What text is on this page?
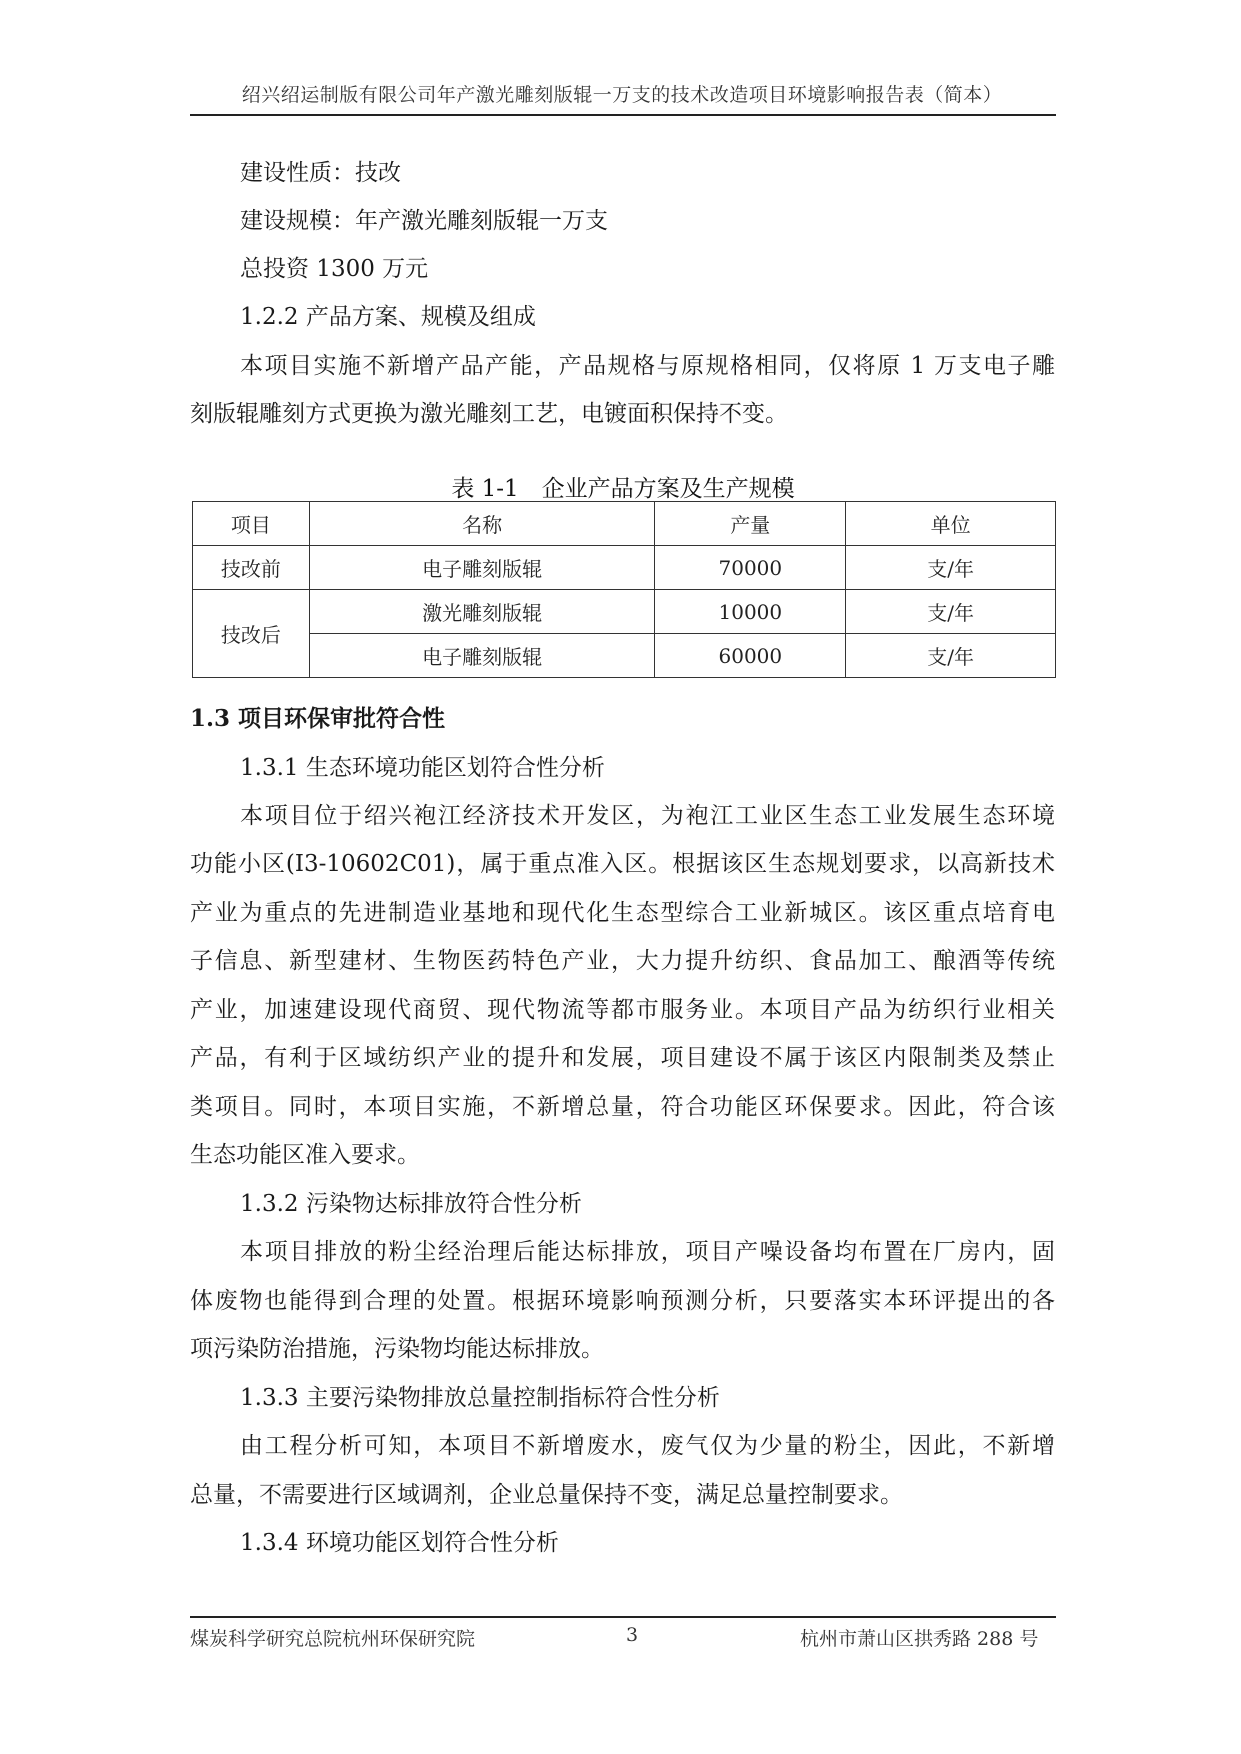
绍兴绍运制版有限公司年产激光雕刻版辊一万支的技术改造项目环境影响报告表（简本）
建设性质：技改
建设规模：年产激光雕刻版辊一万支
总投资 1300 万元
1.2.2 产品方案、规模及组成
本项目实施不新增产品产能，产品规格与原规格相同，仅将原 1 万支电子雕
刻版辊雕刻方式更换为激光雕刻工艺，电镀面积保持不变。
表 1-1　企业产品方案及生产规模
项目	名称	产量	单位
技改前	电子雕刻版辊	70000	支/年
技改后	激光雕刻版辊	10000	支/年
	电子雕刻版辊	60000	支/年
1.3 项目环保审批符合性
1.3.1 生态环境功能区划符合性分析
本项目位于绍兴袍江经济技术开发区，为袍江工业区生态工业发展生态环境
功能小区(I3-10602C01)，属于重点准入区。根据该区生态规划要求，以高新技术
产业为重点的先进制造业基地和现代化生态型综合工业新城区。该区重点培育电
子信息、新型建材、生物医药特色产业，大力提升纺织、食品加工、酿酒等传统
产业，加速建设现代商贸、现代物流等都市服务业。本项目产品为纺织行业相关
产品，有利于区域纺织产业的提升和发展，项目建设不属于该区内限制类及禁止
类项目。同时，本项目实施，不新增总量，符合功能区环保要求。因此，符合该
生态功能区准入要求。
1.3.2 污染物达标排放符合性分析
本项目排放的粉尘经治理后能达标排放，项目产噪设备均布置在厂房内，固
体废物也能得到合理的处置。根据环境影响预测分析，只要落实本环评提出的各
项污染防治措施，污染物均能达标排放。
1.3.3 主要污染物排放总量控制指标符合性分析
由工程分析可知，本项目不新增废水，废气仅为少量的粉尘，因此，不新增
总量，不需要进行区域调剂，企业总量保持不变，满足总量控制要求。
1.3.4 环境功能区划符合性分析
煤炭科学研究总院杭州环保研究院	3	杭州市萧山区拱秀路 288 号
